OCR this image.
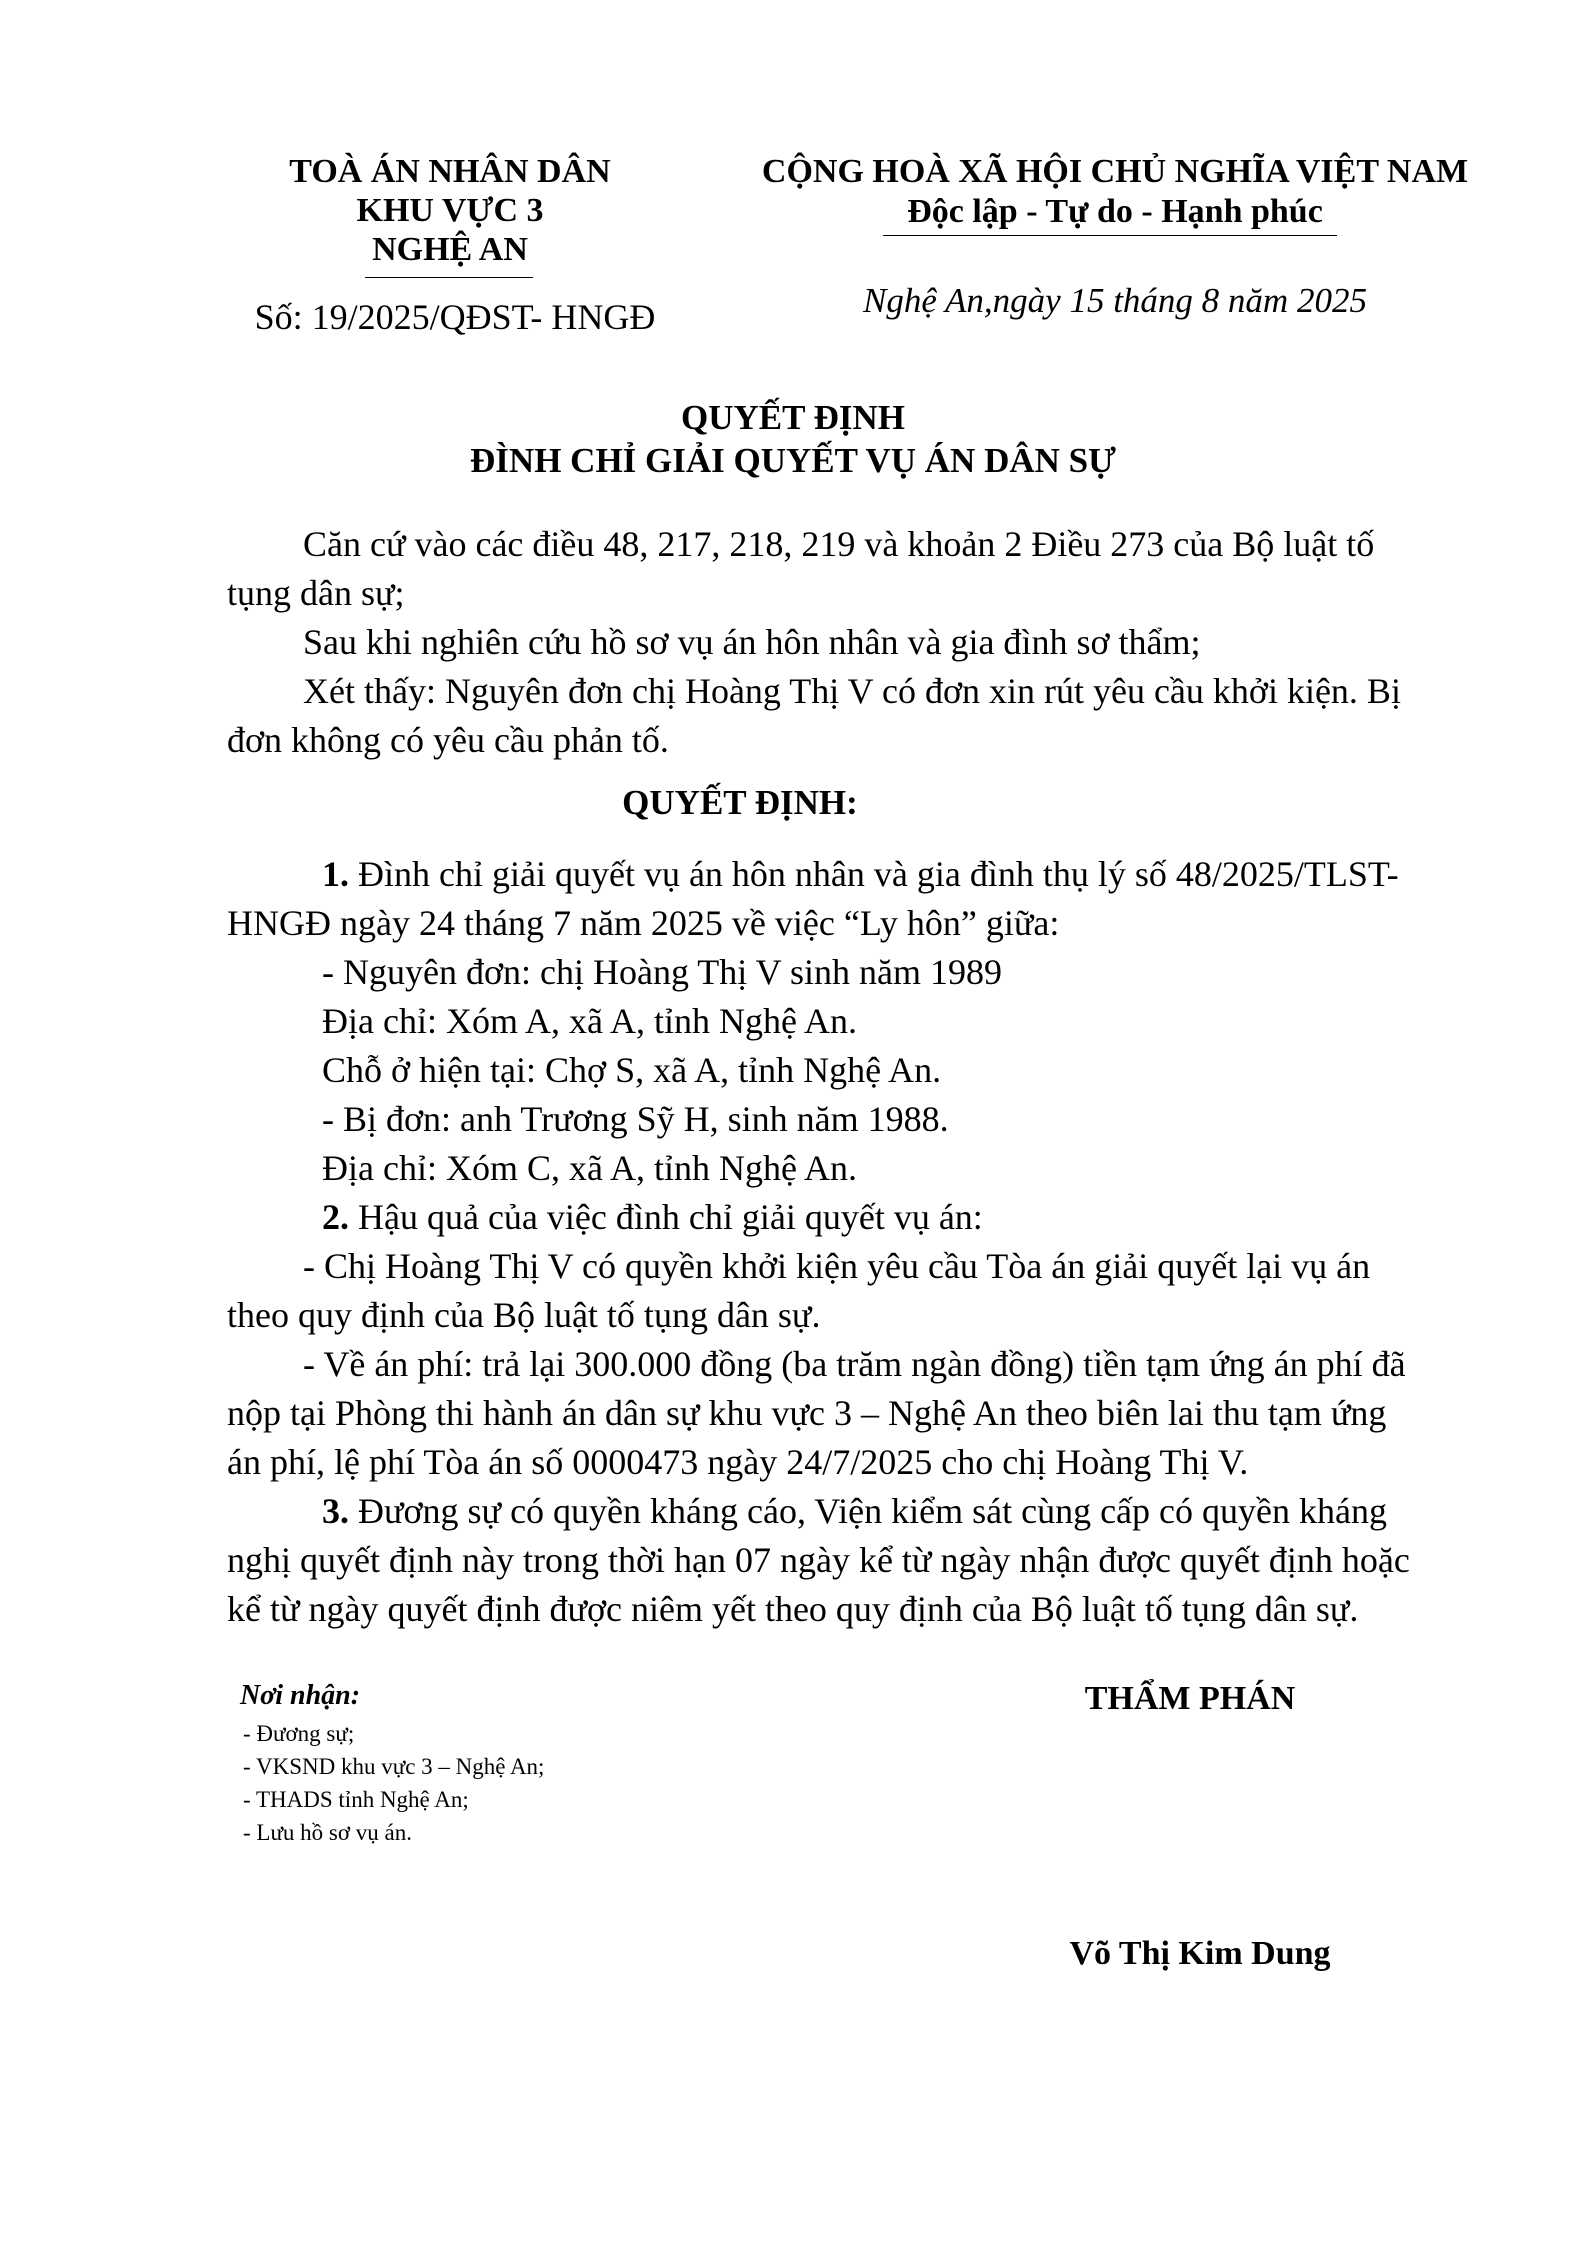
TOÀ ÁN NHÂN DÂN
KHU VỰC 3
NGHỆ AN
Số: 19/2025/QĐST- HNGĐ
CỘNG HOÀ XÃ HỘI CHỦ NGHĨA VIỆT NAM
Độc lập - Tự do - Hạnh phúc
Nghệ An,ngày 15 tháng 8 năm 2025
QUYẾT ĐỊNH
ĐÌNH CHỈ GIẢI QUYẾT VỤ ÁN DÂN SỰ
Căn cứ vào các điều 48, 217, 218, 219 và khoản 2 Điều 273 của Bộ luật tố
tụng dân sự;
Sau khi nghiên cứu hồ sơ vụ án hôn nhân và gia đình sơ thẩm;
Xét thấy: Nguyên đơn chị Hoàng Thị V có đơn xin rút yêu cầu khởi kiện. Bị
đơn không có yêu cầu phản tố.
QUYẾT ĐỊNH:
1. Đình chỉ giải quyết vụ án hôn nhân và gia đình thụ lý số 48/2025/TLST-
HNGĐ ngày 24 tháng 7 năm 2025 về việc “Ly hôn” giữa:
- Nguyên đơn: chị Hoàng Thị V sinh năm 1989
Địa chỉ: Xóm A, xã A, tỉnh Nghệ An.
Chỗ ở hiện tại: Chợ S, xã A, tỉnh Nghệ An.
- Bị đơn: anh Trương Sỹ H, sinh năm 1988.
Địa chỉ: Xóm C, xã A, tỉnh Nghệ An.
2. Hậu quả của việc đình chỉ giải quyết vụ án:
- Chị Hoàng Thị V có quyền khởi kiện yêu cầu Tòa án giải quyết lại vụ án
theo quy định của Bộ luật tố tụng dân sự.
- Về án phí: trả lại 300.000 đồng (ba trăm ngàn đồng) tiền tạm ứng án phí đã
nộp tại Phòng thi hành án dân sự khu vực 3 – Nghệ An theo biên lai thu tạm ứng
án phí, lệ phí Tòa án số 0000473 ngày 24/7/2025 cho chị Hoàng Thị V.
3. Đương sự có quyền kháng cáo, Viện kiểm sát cùng cấp có quyền kháng
nghị quyết định này trong thời hạn 07 ngày kể từ ngày nhận được quyết định hoặc
kể từ ngày quyết định được niêm yết theo quy định của Bộ luật tố tụng dân sự.
Nơi nhận:
- Đương sự;
- VKSND khu vực 3 – Nghệ An;
- THADS tỉnh Nghệ An;
- Lưu hồ sơ vụ án.
THẨM PHÁN
Võ Thị Kim Dung
